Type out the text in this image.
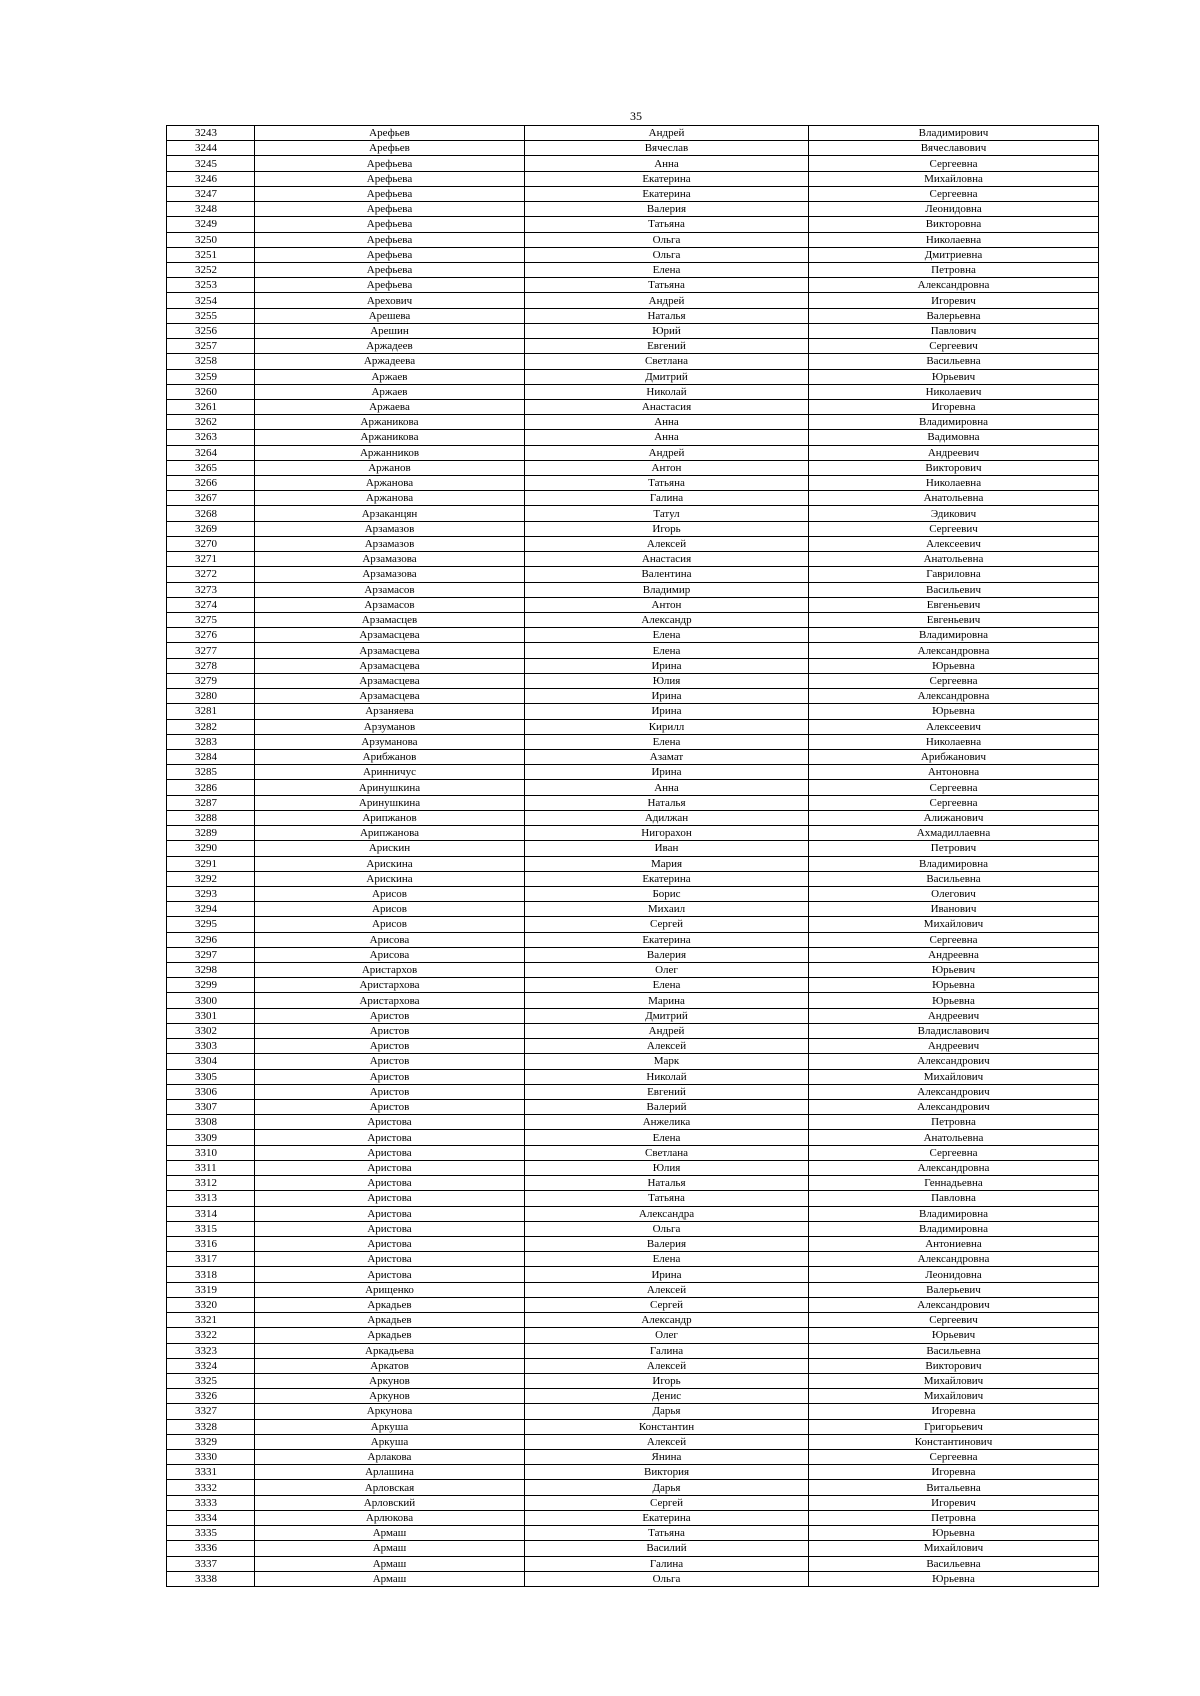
35
3243	Арефьев	Андрей	Владимирович
3244	Арефьев	Вячеслав	Вячеславович
3245	Арефьева	Анна	Сергеевна
3246	Арефьева	Екатерина	Михайловна
3247	Арефьева	Екатерина	Сергеевна
3248	Арефьева	Валерия	Леонидовна
3249	Арефьева	Татьяна	Викторовна
3250	Арефьева	Ольга	Николаевна
3251	Арефьева	Ольга	Дмитриевна
3252	Арефьева	Елена	Петровна
3253	Арефьева	Татьяна	Александровна
3254	Арехович	Андрей	Игоревич
3255	Арешева	Наталья	Валерьевна
3256	Арешин	Юрий	Павлович
3257	Аржадеев	Евгений	Сергеевич
3258	Аржадеева	Светлана	Васильевна
3259	Аржаев	Дмитрий	Юрьевич
3260	Аржаев	Николай	Николаевич
3261	Аржаева	Анастасия	Игоревна
3262	Аржаникова	Анна	Владимировна
3263	Аржаникова	Анна	Вадимовна
3264	Аржанников	Андрей	Андреевич
3265	Аржанов	Антон	Викторович
3266	Аржанова	Татьяна	Николаевна
3267	Аржанова	Галина	Анатольевна
3268	Арзаканцян	Татул	Эдикович
3269	Арзамазов	Игорь	Сергеевич
3270	Арзамазов	Алексей	Алексеевич
3271	Арзамазова	Анастасия	Анатольевна
3272	Арзамазова	Валентина	Гавриловна
3273	Арзамасов	Владимир	Васильевич
3274	Арзамасов	Антон	Евгеньевич
3275	Арзамасцев	Александр	Евгеньевич
3276	Арзамасцева	Елена	Владимировна
3277	Арзамасцева	Елена	Александровна
3278	Арзамасцева	Ирина	Юрьевна
3279	Арзамасцева	Юлия	Сергеевна
3280	Арзамасцева	Ирина	Александровна
3281	Арзаняева	Ирина	Юрьевна
3282	Арзуманов	Кирилл	Алексеевич
3283	Арзуманова	Елена	Николаевна
3284	Арибжанов	Азамат	Арибжанович
3285	Аринничус	Ирина	Антоновна
3286	Аринушкина	Анна	Сергеевна
3287	Аринушкина	Наталья	Сергеевна
3288	Арипжанов	Адилжан	Алижанович
3289	Арипжанова	Нигорахон	Ахмадиллаевна
3290	Арискин	Иван	Петрович
3291	Арискина	Мария	Владимировна
3292	Арискина	Екатерина	Васильевна
3293	Арисов	Борис	Олегович
3294	Арисов	Михаил	Иванович
3295	Арисов	Сергей	Михайлович
3296	Арисова	Екатерина	Сергеевна
3297	Арисова	Валерия	Андреевна
3298	Аристархов	Олег	Юрьевич
3299	Аристархова	Елена	Юрьевна
3300	Аристархова	Марина	Юрьевна
3301	Аристов	Дмитрий	Андреевич
3302	Аристов	Андрей	Владиславович
3303	Аристов	Алексей	Андреевич
3304	Аристов	Марк	Александрович
3305	Аристов	Николай	Михайлович
3306	Аристов	Евгений	Александрович
3307	Аристов	Валерий	Александрович
3308	Аристова	Анжелика	Петровна
3309	Аристова	Елена	Анатольевна
3310	Аристова	Светлана	Сергеевна
3311	Аристова	Юлия	Александровна
3312	Аристова	Наталья	Геннадьевна
3313	Аристова	Татьяна	Павловна
3314	Аристова	Александра	Владимировна
3315	Аристова	Ольга	Владимировна
3316	Аристова	Валерия	Антониевна
3317	Аристова	Елена	Александровна
3318	Аристова	Ирина	Леонидовна
3319	Арищенко	Алексей	Валерьевич
3320	Аркадьев	Сергей	Александрович
3321	Аркадьев	Александр	Сергеевич
3322	Аркадьев	Олег	Юрьевич
3323	Аркадьева	Галина	Васильевна
3324	Аркатов	Алексей	Викторович
3325	Аркунов	Игорь	Михайлович
3326	Аркунов	Денис	Михайлович
3327	Аркунова	Дарья	Игоревна
3328	Аркуша	Константин	Григорьевич
3329	Аркуша	Алексей	Константинович
3330	Арлакова	Янина	Сергеевна
3331	Арлашина	Виктория	Игоревна
3332	Арловская	Дарья	Витальевна
3333	Арловский	Сергей	Игоревич
3334	Арлюкова	Екатерина	Петровна
3335	Армаш	Татьяна	Юрьевна
3336	Армаш	Василий	Михайлович
3337	Армаш	Галина	Васильевна
3338	Армаш	Ольга	Юрьевна
